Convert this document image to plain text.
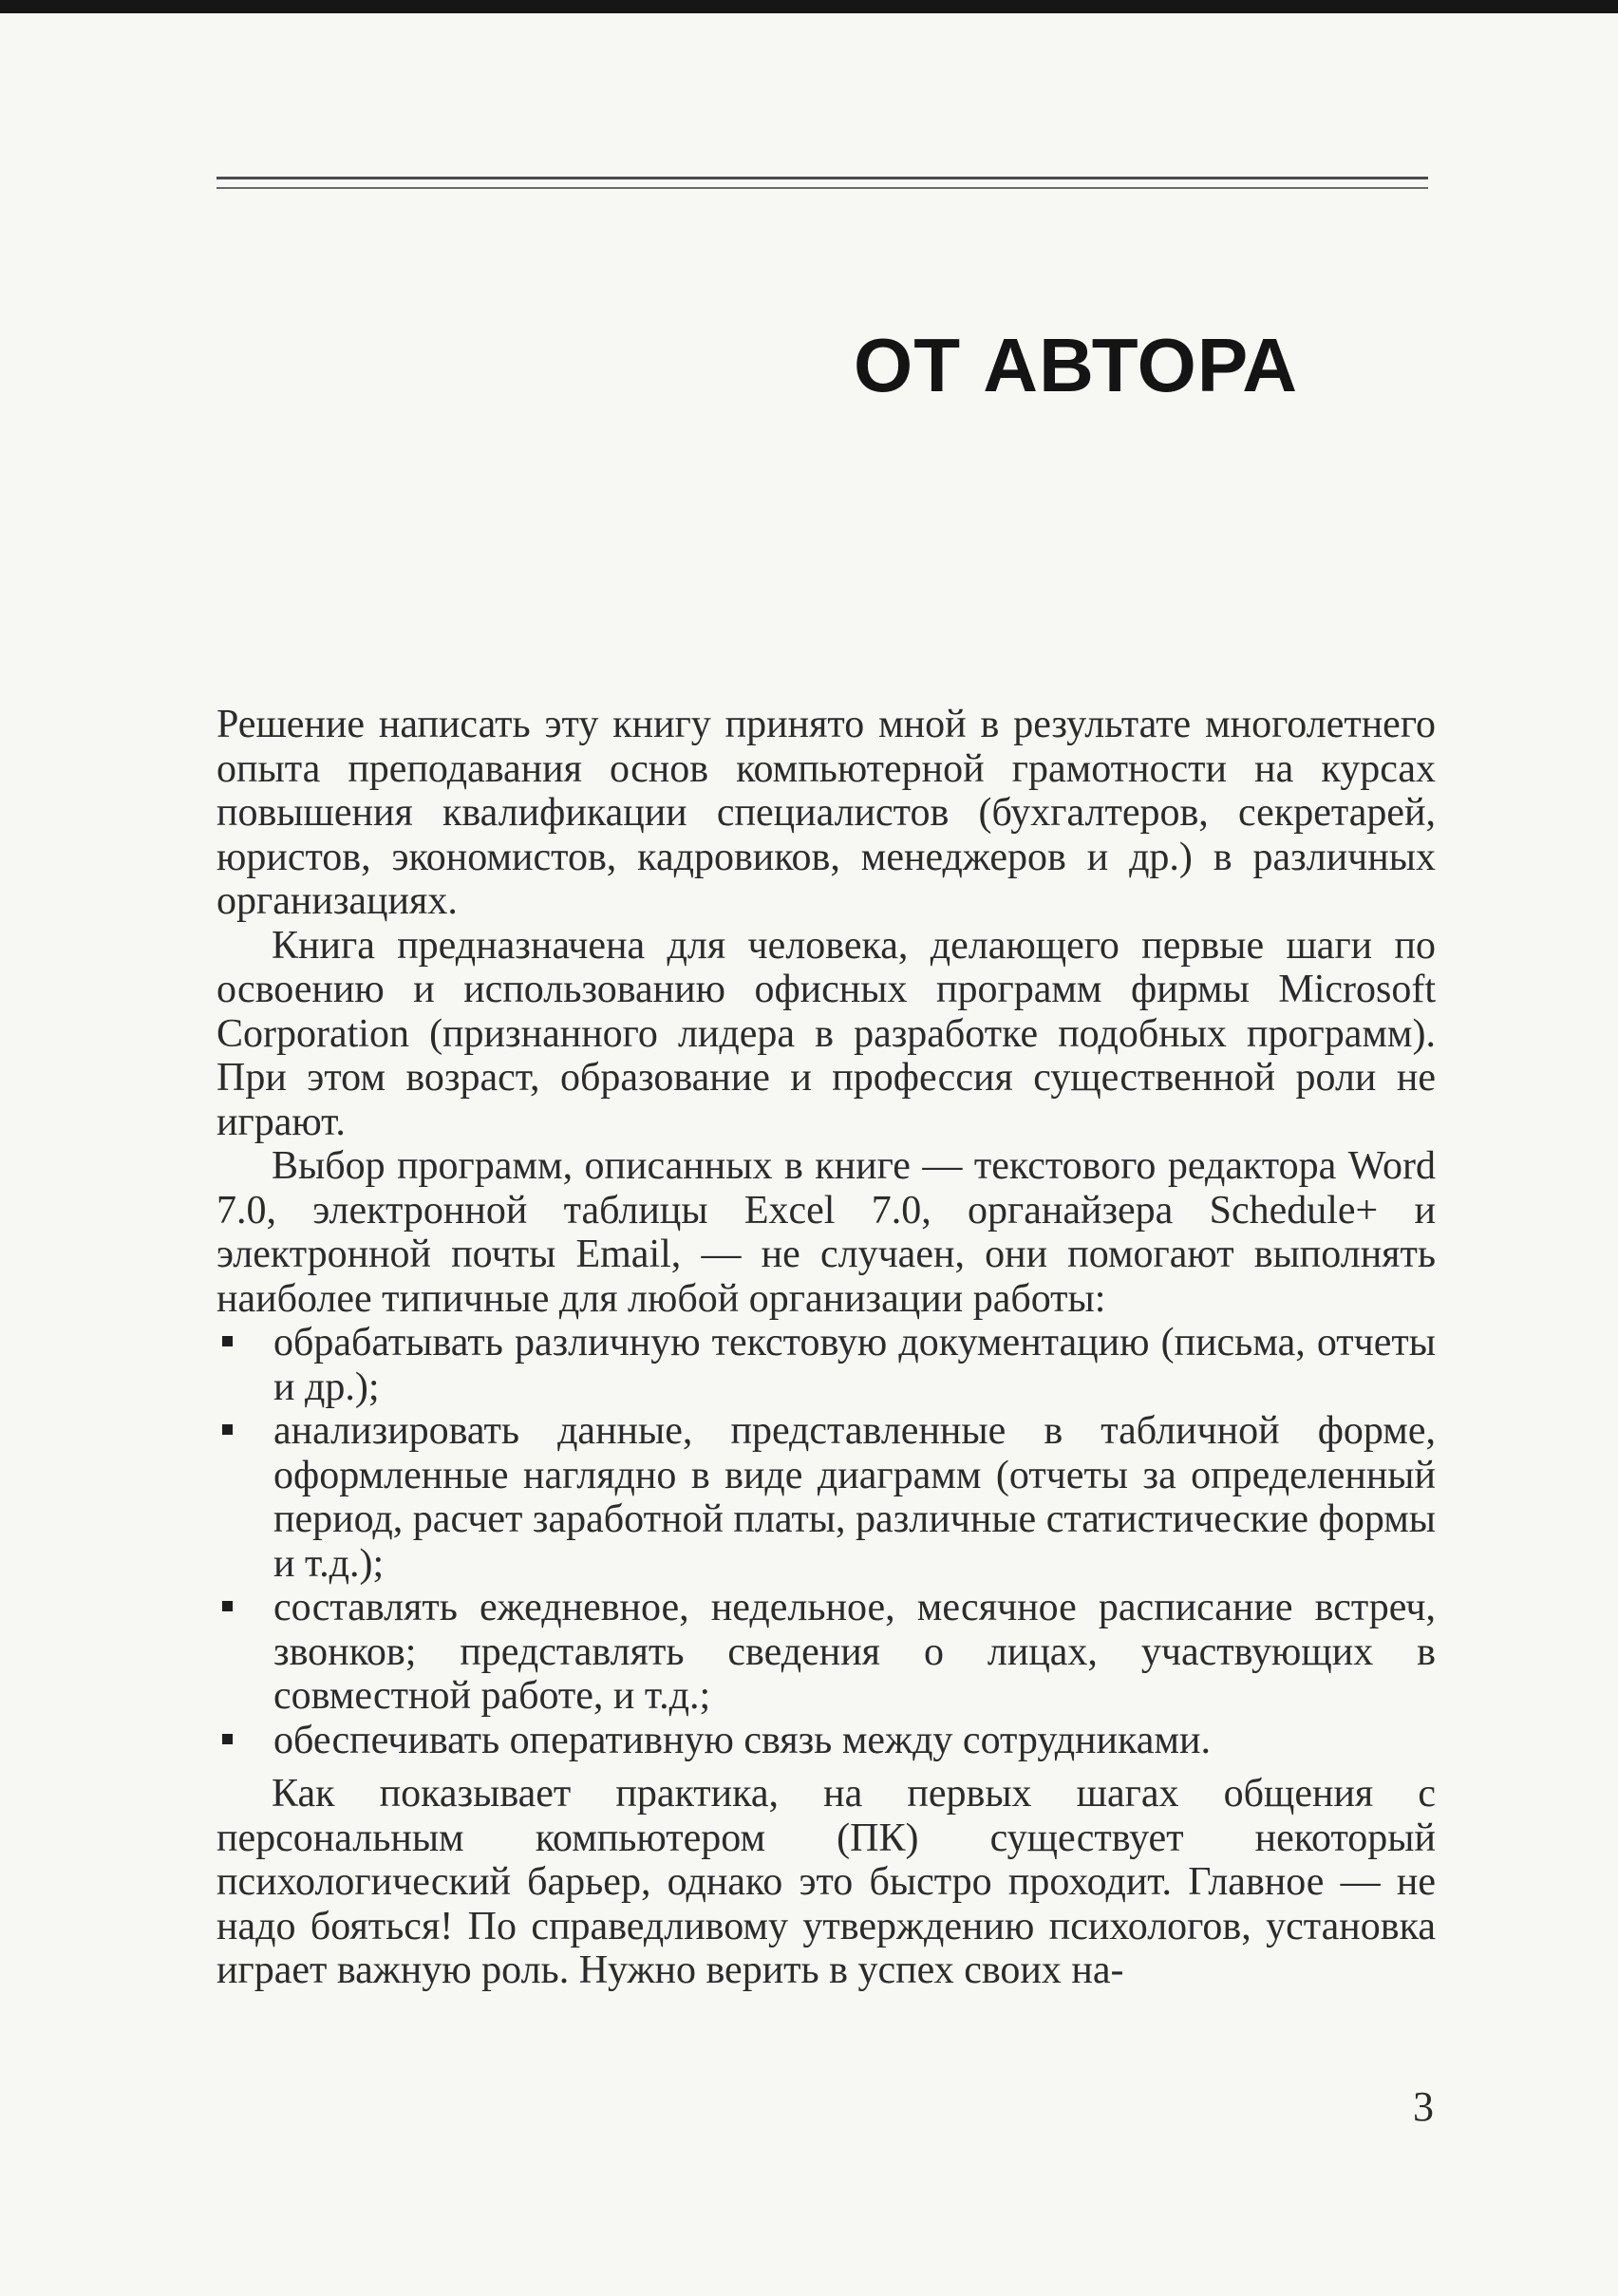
ОТ АВТОРА

Решение написать эту книгу принято мной в результате многолетнего опыта преподавания основ компьютерной грамотности на курсах повышения квалификации специалистов (бухгалтеров, секретарей, юристов, экономистов, кадровиков, менеджеров и др.) в различных организациях.

Книга предназначена для человека, делающего первые шаги по освоению и использованию офисных программ фирмы Microsoft Corporation (признанного лидера в разработке подобных программ). При этом возраст, образование и профессия существенной роли не играют.

Выбор программ, описанных в книге — текстового редактора Word 7.0, электронной таблицы Excel 7.0, органайзера Schedule+ и электронной почты Email, — не случаен, они помогают выполнять наиболее типичные для любой организации работы:

обрабатывать различную текстовую документацию (письма, отчеты и др.);
анализировать данные, представленные в табличной форме, оформленные наглядно в виде диаграмм (отчеты за определенный период, расчет заработной платы, различные статистические формы и т.д.);
составлять ежедневное, недельное, месячное расписание встреч, звонков; представлять сведения о лицах, участвующих в совместной работе, и т.д.;
обеспечивать оперативную связь между сотрудниками.

Как показывает практика, на первых шагах общения с персональным компьютером (ПК) существует некоторый психологический барьер, однако это быстро проходит. Главное — не надо бояться! По справедливому утверждению психологов, установка играет важную роль. Нужно верить в успех своих на-

3
